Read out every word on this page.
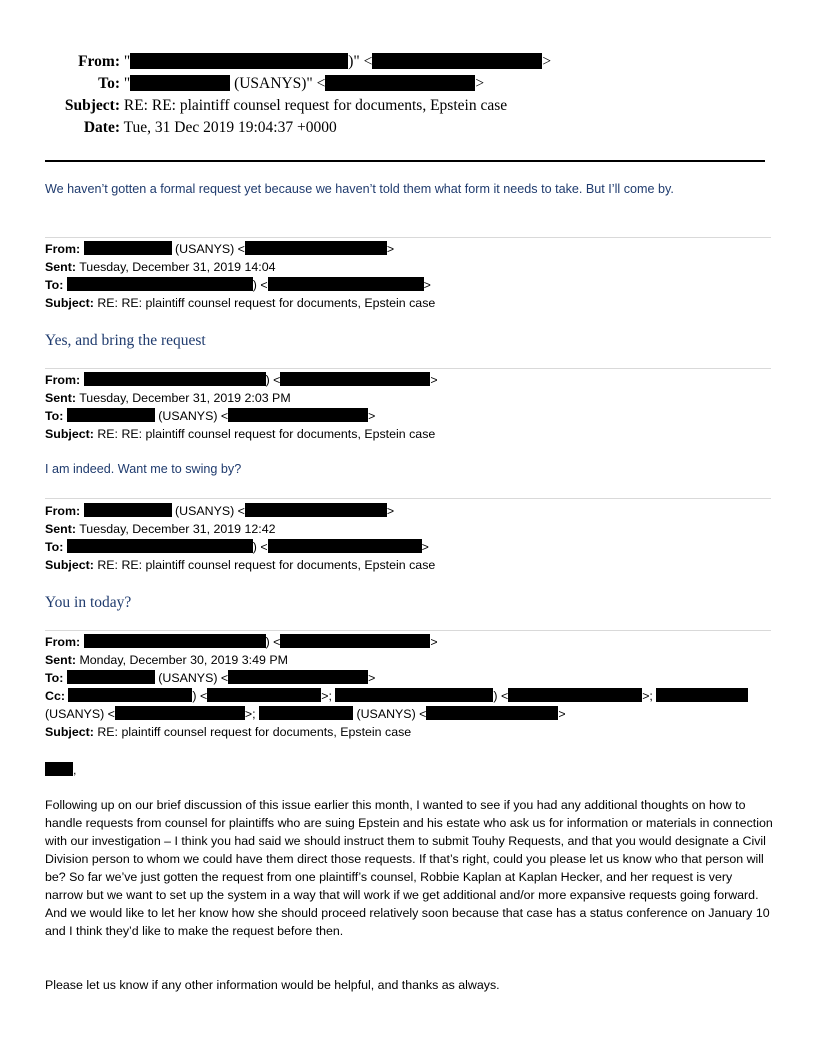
From: "	)" <	>
To: "	(USANYS)" <	>
Subject: RE: RE: plaintiff counsel request for documents, Epstein case
Date: Tue, 31 Dec 2019 19:04:37 +0000
We haven’t gotten a formal request yet because we haven’t told them what form it needs to take. But I’ll come by.
From:	(USANYS) <	>
Sent: Tuesday, December 31, 2019 14:04
To:	) <	>
Subject: RE: RE: plaintiff counsel request for documents, Epstein case
Yes, and bring the request
From:	) <	>
Sent: Tuesday, December 31, 2019 2:03 PM
To:	(USANYS) <	>
Subject: RE: RE: plaintiff counsel request for documents, Epstein case
I am indeed. Want me to swing by?
From:	(USANYS) <	>
Sent: Tuesday, December 31, 2019 12:42
To:	) <	>
Subject: RE: RE: plaintiff counsel request for documents, Epstein case
You in today?
From:	) <	>
Sent: Monday, December 30, 2019 3:49 PM
To:	(USANYS) <	>
Cc:	) <	>;	) <	>;
(USANYS) <	>;	(USANYS) <	>
Subject: RE: plaintiff counsel request for documents, Epstein case
,
Following up on our brief discussion of this issue earlier this month, I wanted to see if you had any additional thoughts on how to handle requests from counsel for plaintiffs who are suing Epstein and his estate who ask us for information or materials in connection with our investigation – I think you had said we should instruct them to submit Touhy Requests, and that you would designate a Civil Division person to whom we could have them direct those requests. If that’s right, could you please let us know who that person will be? So far we’ve just gotten the request from one plaintiff’s counsel, Robbie Kaplan at Kaplan Hecker, and her request is very narrow but we want to set up the system in a way that will work if we get additional and/or more expansive requests going forward. And we would like to let her know how she should proceed relatively soon because that case has a status conference on January 10 and I think they’d like to make the request before then.
Please let us know if any other information would be helpful, and thanks as always.
